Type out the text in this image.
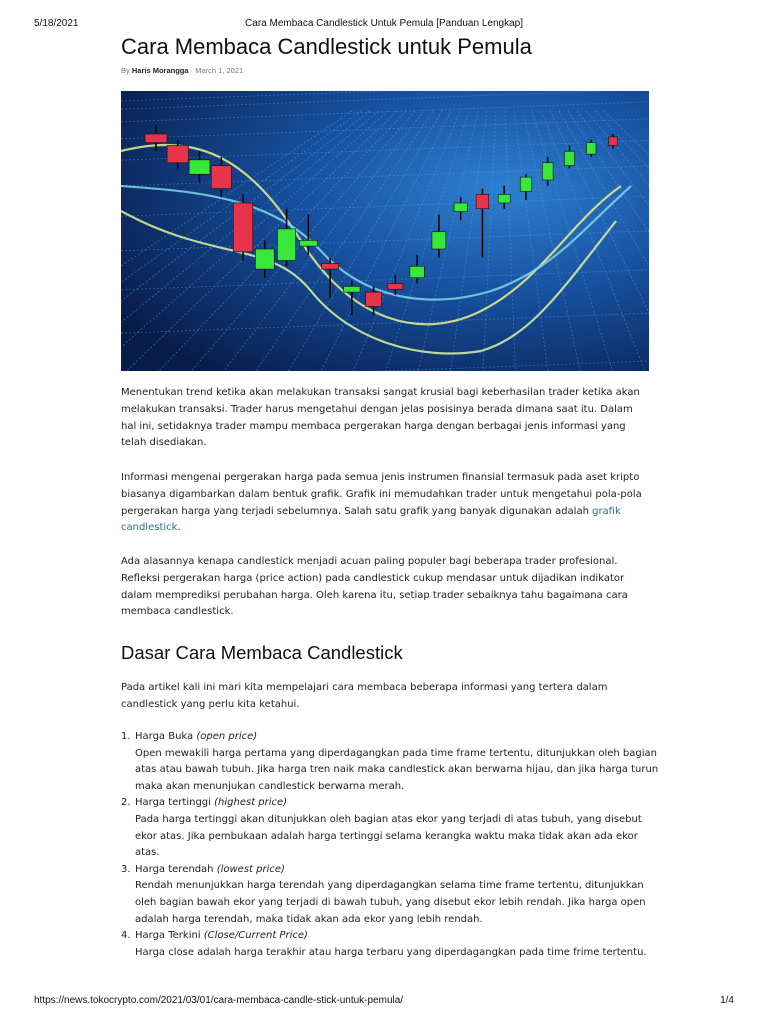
5/18/2021	Cara Membaca Candlestick Untuk Pemula [Panduan Lengkap]
Cara Membaca Candlestick untuk Pemula
By Haris Morangga · March 1, 2021

Menentukan trend ketika akan melakukan transaksi sangat krusial bagi keberhasilan trader ketika akan melakukan transaksi. Trader harus mengetahui dengan jelas posisinya berada dimana saat itu. Dalam hal ini, setidaknya trader mampu membaca pergerakan harga dengan berbagai jenis informasi yang telah disediakan.

Informasi mengenai pergerakan harga pada semua jenis instrumen finansial termasuk pada aset kripto biasanya digambarkan dalam bentuk grafik. Grafik ini memudahkan trader untuk mengetahui pola-pola pergerakan harga yang terjadi sebelumnya. Salah satu grafik yang banyak digunakan adalah grafik candlestick.

Ada alasannya kenapa candlestick menjadi acuan paling populer bagi beberapa trader profesional. Refleksi pergerakan harga (price action) pada candlestick cukup mendasar untuk dijadikan indikator dalam memprediksi perubahan harga. Oleh karena itu, setiap trader sebaiknya tahu bagaimana cara membaca candlestick.

Dasar Cara Membaca Candlestick

Pada artikel kali ini mari kita mempelajari cara membaca beberapa informasi yang tertera dalam candlestick yang perlu kita ketahui.

1. Harga Buka (open price)
Open mewakili harga pertama yang diperdagangkan pada time frame tertentu, ditunjukkan oleh bagian atas atau bawah tubuh. Jika harga tren naik maka candlestick akan berwarna hijau, dan jika harga turun maka akan menunjukan candlestick berwarna merah.
2. Harga tertinggi (highest price)
Pada harga tertinggi akan ditunjukkan oleh bagian atas ekor yang terjadi di atas tubuh, yang disebut ekor atas. Jika pembukaan adalah harga tertinggi selama kerangka waktu maka tidak akan ada ekor atas.
3. Harga terendah (lowest price)
Rendah menunjukkan harga terendah yang diperdagangkan selama time frame tertentu, ditunjukkan oleh bagian bawah ekor yang terjadi di bawah tubuh, yang disebut ekor lebih rendah. Jika harga open adalah harga terendah, maka tidak akan ada ekor yang lebih rendah.
4. Harga Terkini (Close/Current Price)
Harga close adalah harga terakhir atau harga terbaru yang diperdagangkan pada time frime tertentu.
https://news.tokocrypto.com/2021/03/01/cara-membaca-candle-stick-untuk-pemula/	1/4
